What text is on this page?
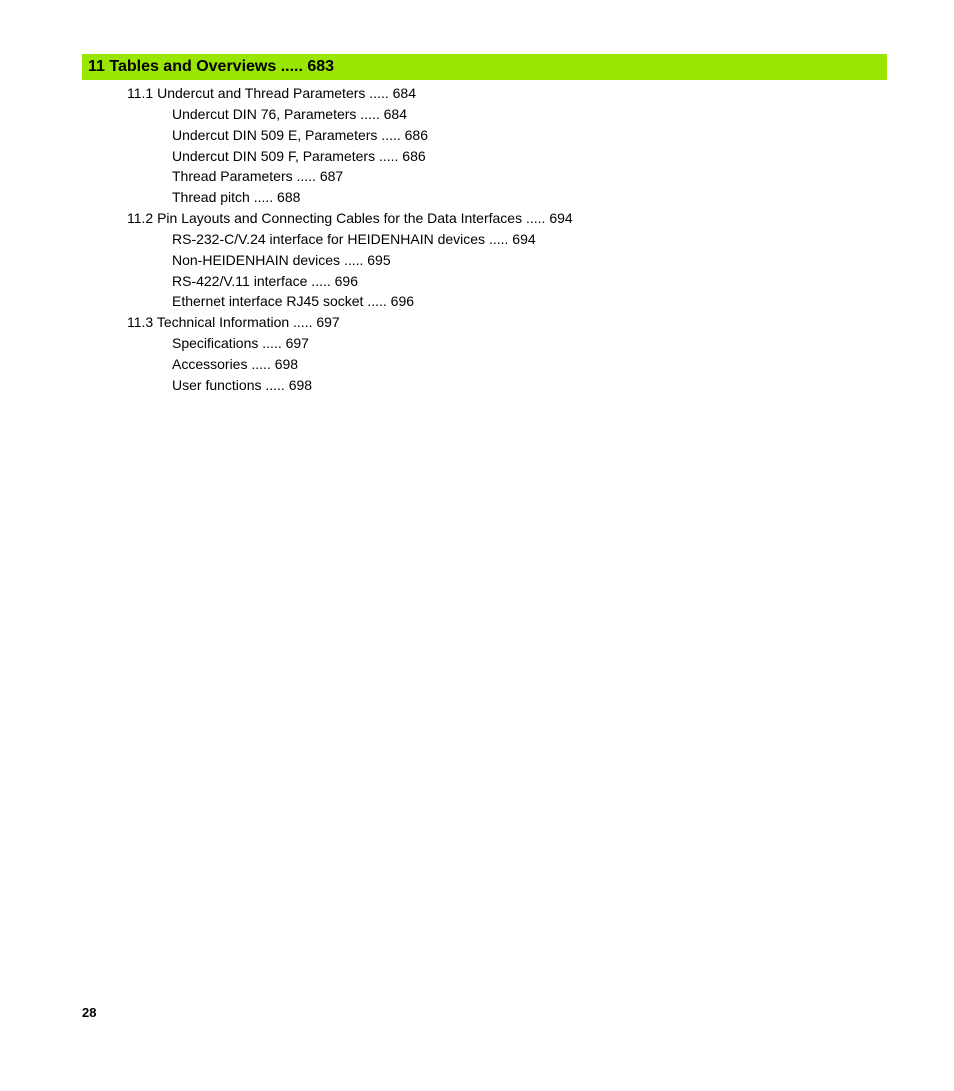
11 Tables and Overviews ..... 683
11.1 Undercut and Thread Parameters ..... 684
Undercut DIN 76, Parameters ..... 684
Undercut DIN 509 E, Parameters ..... 686
Undercut DIN 509 F, Parameters ..... 686
Thread Parameters ..... 687
Thread pitch ..... 688
11.2 Pin Layouts and Connecting Cables for the Data Interfaces ..... 694
RS-232-C/V.24 interface for HEIDENHAIN devices ..... 694
Non-HEIDENHAIN devices ..... 695
RS-422/V.11 interface ..... 696
Ethernet interface RJ45 socket ..... 696
11.3 Technical Information ..... 697
Specifications ..... 697
Accessories ..... 698
User functions ..... 698
28
